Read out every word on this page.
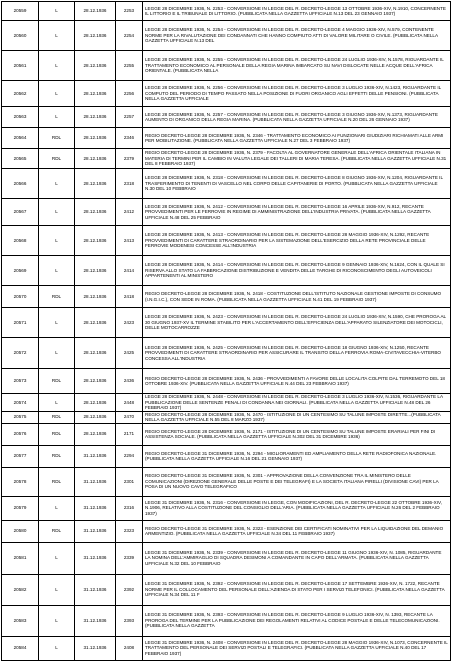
20559	L	28.12.1936	2253	LEGGE 28 DICEMBRE 1936, N. 2253 - CONVERSIONE IN LEGGE DEL R. DECRETO-LEGGE 13 OTTOBRE 1936-XIV, N.1910, CONCERNENTE IL LITTORIO E IL TRIBUNALE DI LITTORIO. (PUBBLICATA NELLA GAZZETTA UFFICIALE N.13 DEL 23 GENNAIO 1937)
20560	L	28.12.1936	2254	LEGGE 28 DICEMBRE 1936, N. 2254 - CONVERSIONE IN LEGGE DEL R. DECRETO-LEGGE 4 MAGGIO 1936-XIV, N.579, CONTENENTE NORME PER LA RIVALUTAZIONE DEI CONDANNATI CHE HANNO COMPIUTO ATTI DI VALORE MILITARE O CIVILE. (PUBBLICATA NELLA GAZZETTA UFFICIALE N.13 DEL
20561	L	28.12.1936	2255	LEGGE 28 DICEMBRE 1936, N. 2255 - CONVERSIONE IN LEGGE DEL R. DECRETO-LEGGE 24 LUGLIO 1936-XIV, N.1578, RIGUARDANTE IL TRATTAMENTO ECONOMICO AL PERSONALE DELLA REGIA MARINA IMBARCATO SU NAVI DISLOCATE NELLE ACQUE DELL'AFRICA ORIENTALE. (PUBBLICATA NELLA
20562	L	28.12.1936	2256	LEGGE 28 DICEMBRE 1936, N. 2256 - CONVERSIONE IN LEGGE DEL R. DECRETO-LEGGE 3 LUGLIO 1936-XIV, N.1423, RIGUARDANTE IL COMPUTO DEL PERIODO DI TEMPO PASSATO NELLA POSIZIONE DI FUORI ORGANICO AGLI EFFETTI DELLE PENSIONI. (PUBBLICATA NELLA GAZZETTA UFFICIALE
20563	L	28.12.1936	2257	LEGGE 28 DICEMBRE 1936, N. 2257 - CONVERSIONE IN LEGGE DEL R. DECRETO-LEGGE 3 GIUGNO 1936-XIV, N.1373, RIGUARDANTE AUMENTO DI ORGANICO DELLA REGIA MARINA. (PUBBLICATA NELLA GAZZETTA UFFICIALE N.20 DEL 26 GENNAIO 1937)
20564	RDL	28.12.1936	2346	REGIO DECRETO-LEGGE 28 DICEMBRE 1936, N. 2346 - TRATTAMENTO ECONOMICO AI FUNZIONARI GIUDIZIARI RICHIAMATI ALLE ARMI PER MOBILITAZIONE. (PUBBLICATA NELLA GAZZETTA UFFICIALE N.27 DEL 3 FEBBRAIO 1937)
20565	RDL	28.12.1936	2379	REGIO DECRETO-LEGGE 28 DICEMBRE 1936, N. 2379 - FACOLTA AL GOVERNATORE GENERALE DELL'AFRICA ORIENTALE ITALIANA IN MATERIA DI TERMINI PER IL CAMBIO IN VALUTA LEGALE DEI TALLERI DI MARIA TERESA. (PUBBLICATA NELLA GAZZETTA UFFICIALE N.31 DEL 8 FEBBRAIO 1937)
20566	L	28.12.1936	2318	LEGGE 28 DICEMBRE 1936, N. 2318 - CONVERSIONE IN LEGGE DEL R. DECRETO-LEGGE 8 GIUGNO 1936-XIV, N.1204, RIGUARDANTE IL TRASFERIMENTO DI TENENTI DI VASCELLO NEL CORPO DELLE CAPITANERIE DI PORTO. (PUBBLICATA NELLA GAZZETTA UFFICIALE N.30 DEL 10 FEBBRAIO
20567	L	28.12.1936	2412	LEGGE 28 DICEMBRE 1936, N. 2412 - CONVERSIONE IN LEGGE DEL R. DECRETO-LEGGE 16 APRILE 1936-XIV, N.912, RECANTE PROVVEDIMENTI PER LE FERROVIE IN REGIME DI AMMINISTRAZIONE DELL'INDUSTRIA PRIVATA. (PUBBLICATA NELLA GAZZETTA UFFICIALE N.48 DEL 25 FEBBRAIO
20568	L	28.12.1936	2413	LEGGE 28 DICEMBRE 1936, N. 2413 - CONVERSIONE IN LEGGE DEL R. DECRETO-LEGGE 28 MAGGIO 1936-XIV, N.1292, RECANTE PROVVEDIMENTI DI CARATTERE STRAORDINARIO PER LA SISTEMAZIONE DELL'ESERCIZIO DELLA RETE PROVINCIALE DELLE FERROVIE MODENESI CONCESSE ALL'INDUSTRIA
20569	L	28.12.1936	2414	LEGGE 28 DICEMBRE 1936, N. 2414 - CONVERSIONE IN LEGGE DEL R. DECRETO-LEGGE 9 GENNAIO 1936-XIV, N.1624, CON IL QUALE SI RISERVA ALLO STATO LA FABBRICAZIONE DISTRIBUZIONE E VENDITA DELLE TARGHE DI RICONOSCIMENTO DEGLI AUTOVEICOLI APPARTENENTI AL MINISTERO
20570	RDL	28.12.1936	2418	REGIO DECRETO-LEGGE 28 DICEMBRE 1936, N. 2418 - COSTITUZIONE DELL'ISTITUTO NAZIONALE GESTIONE IMPOSTE DI CONSUMO (I.N.G.I.C.), CON SEDE IN ROMA. (PUBBLICATA NELLA GAZZETTA UFFICIALE N.41 DEL 19 FEBBRAIO 1937)
20571	L	28.12.1936	2423	LEGGE 28 DICEMBRE 1936, N. 2423 - CONVERSIONE IN LEGGE DEL R. DECRETO-LEGGE 24 LUGLIO 1936-XIV, N.1590, CHE PROROGA AL 30 GIUGNO 1937-XV IL TERMINE STABILITO PER L'ACCERTAMENTO DELL'EFFICIENZA DELL'APPARATO SILENZIATORE DEI MOTOCICLI, DELLE MOTOCARROZZE
20572	L	28.12.1936	2425	LEGGE 28 DICEMBRE 1936, N. 2425 - CONVERSIONE IN LEGGE DEL R. DECRETO-LEGGE 18 GIUGNO 1936-XIV, N.1250, RECANTE PROVVEDIMENTI DI CARATTERE STRAORDINARIO PER ASSICURARE IL TRANSITO DELLA FERROVIA ROMA-CIVITAVECCHIA-VITERBO CONCESSA ALL'INDUSTRIA
20573	RDL	28.12.1936	2436	REGIO DECRETO-LEGGE 28 DICEMBRE 1936, N. 2436 - PROVVEDIMENTI A FAVORE DELLE LOCALITA COLPITE DAL TERREMOTO DEL 18 OTTOBRE 1936-XIV. (PUBBLICATA NELLA GAZZETTA UFFICIALE N.44 DEL 23 FEBBRAIO 1937)
20574	L	28.12.1936	2448	LEGGE 28 DICEMBRE 1936, N. 2448 - CONVERSIONE IN LEGGE DEL R. DECRETO-LEGGE 3 LUGLIO 1936-XIV, N.1536, RIGUARDANTE LA PUBBLICAZIONE DELLE SENTENZE PENALI DI CONDANNA NEI GIORNALI. (PUBBLICATA NELLA GAZZETTA UFFICIALE N.48 DEL 26 FEBBRAIO 1937)
20575	RDL	28.12.1936	2470	REGIO DECRETO-LEGGE 28 DICEMBRE 1936, N. 2470 - ISTITUZIONE DI UN CENTESIMO SU TALUNE IMPOSTE DIRETTE...(PUBBLICATA NELLA GAZZETTA UFFICIALE N.55 DEL 8 MARZO 1937)
20576	RDL	28.12.1936	2171	REGIO DECRETO-LEGGE 28 DICEMBRE 1936, N. 2171 - ISTITUZIONE DI UN CENTESIMO SU TALUNE IMPOSTE ERARIALI PER FINI DI ASSISTENZA SOCIALE. (PUBBLICATA NELLA GAZZETTA UFFICIALE N.302 DEL 31 DICEMBRE 1936)
20577	RDL	31.12.1936	2294	REGIO DECRETO-LEGGE 31 DICEMBRE 1936, N. 2294 - MIGLIORAMENTI ED AMPLIAMENTO DELLA RETE RADIOFONICA NAZIONALE. (PUBBLICATA NELLA GAZZETTA UFFICIALE N.16 DEL 21 GENNAIO 1937)
20578	RDL	31.12.1936	2301	REGIO DECRETO-LEGGE 31 DICEMBRE 1936, N. 2301 - APPROVAZIONE DELLA CONVENZIONE TRA IL MINISTERO DELLE COMUNICAZIONI (DIREZIONE GENERALE DELLE POSTE E DEI TELEGRAFI) E LA SOCIETA ITALIANA PIRELLI (DIVISIONE CAVI) PER LA POSA DI UN NUOVO CAVO TELEGRAFICO
20579	L	31.12.1936	2316	LEGGE 31 DICEMBRE 1936, N. 2316 - CONVERSIONE IN LEGGE, CON MODIFICAZIONI, DEL R. DECRETO-LEGGE 22 OTTOBRE 1936-XIV, N.1906, RELATIVO ALLA COSTITUZIONE DEL CONSIGLIO DELL'ARIA. (PUBBLICATA NELLA GAZZETTA UFFICIALE N.26 DEL 2 FEBBRAIO 1937)
20580	RDL	31.12.1936	2323	REGIO DECRETO-LEGGE 31 DICEMBRE 1936, N. 2323 - ESENZIONE DEI CERTIFICATI NOMINATIVI PER LA LIQUIDAZIONE DEL DEMANIO ARMENTIZIO. (PUBBLICATA NELLA GAZZETTA UFFICIALE N.34 DEL 11 FEBBRAIO 1937)
20581	L	31.12.1936	2339	LEGGE 31 DICEMBRE 1936, N. 2339 - CONVERSIONE IN LEGGE DEL R. DECRETO-LEGGE 11 GIUGNO 1936-XIV, N. 1085, RIGUARDANTE LA NOMINA DELL'AMMIRAGLIO DI SQUADRA DESIMONI A COMANDANTE IN CAPO DELL'ARMATA. (PUBBLICATA NELLA GAZZETTA UFFICIALE N.32 DEL 10 FEBBRAIO
20582	L	31.12.1936	2392	LEGGE 31 DICEMBRE 1936, N. 2392 - CONVERSIONE IN LEGGE DEL R. DECRETO-LEGGE 17 SETTEMBRE 1936-XIV, N. 1722, RECANTE NORME PER IL COLLOCAMENTO DEL PERSONALE DELL'AZIENDA DI STATO PER I SERVIZI TELEFONICI. (PUBBLICATA NELLA GAZZETTA UFFICIALE N.34 DEL 11 F
20583	L	31.12.1936	2393	LEGGE 31 DICEMBRE 1936, N. 2393 - CONVERSIONE IN LEGGE DEL R. DECRETO-LEGGE 9 LUGLIO 1936-XIV, N. 1393, RECANTE LA PROROGA DEL TERMINE PER LA PUBBLICAZIONE DEI REGOLAMENTI RELATIVI AL CODICE POSTALE E DELLE TELECOMUNICAZIONI. (PUBBLICATA NELLA GAZZETTA
20584	L	31.12.1936	2408	LEGGE 31 DICEMBRE 1936, N. 2408 - CONVERSIONE IN LEGGE DEL R. DECRETO-LEGGE 28 MAGGIO 1936-XIV, N.1073, CONCERNENTE IL TRATTAMENTO DEL PERSONALE DEI SERVIZI POSTALI E TELEGRAFICI. (PUBBLICATA NELLA GAZZETTA UFFICIALE N.40 DEL 17 FEBBRAIO 1937)
